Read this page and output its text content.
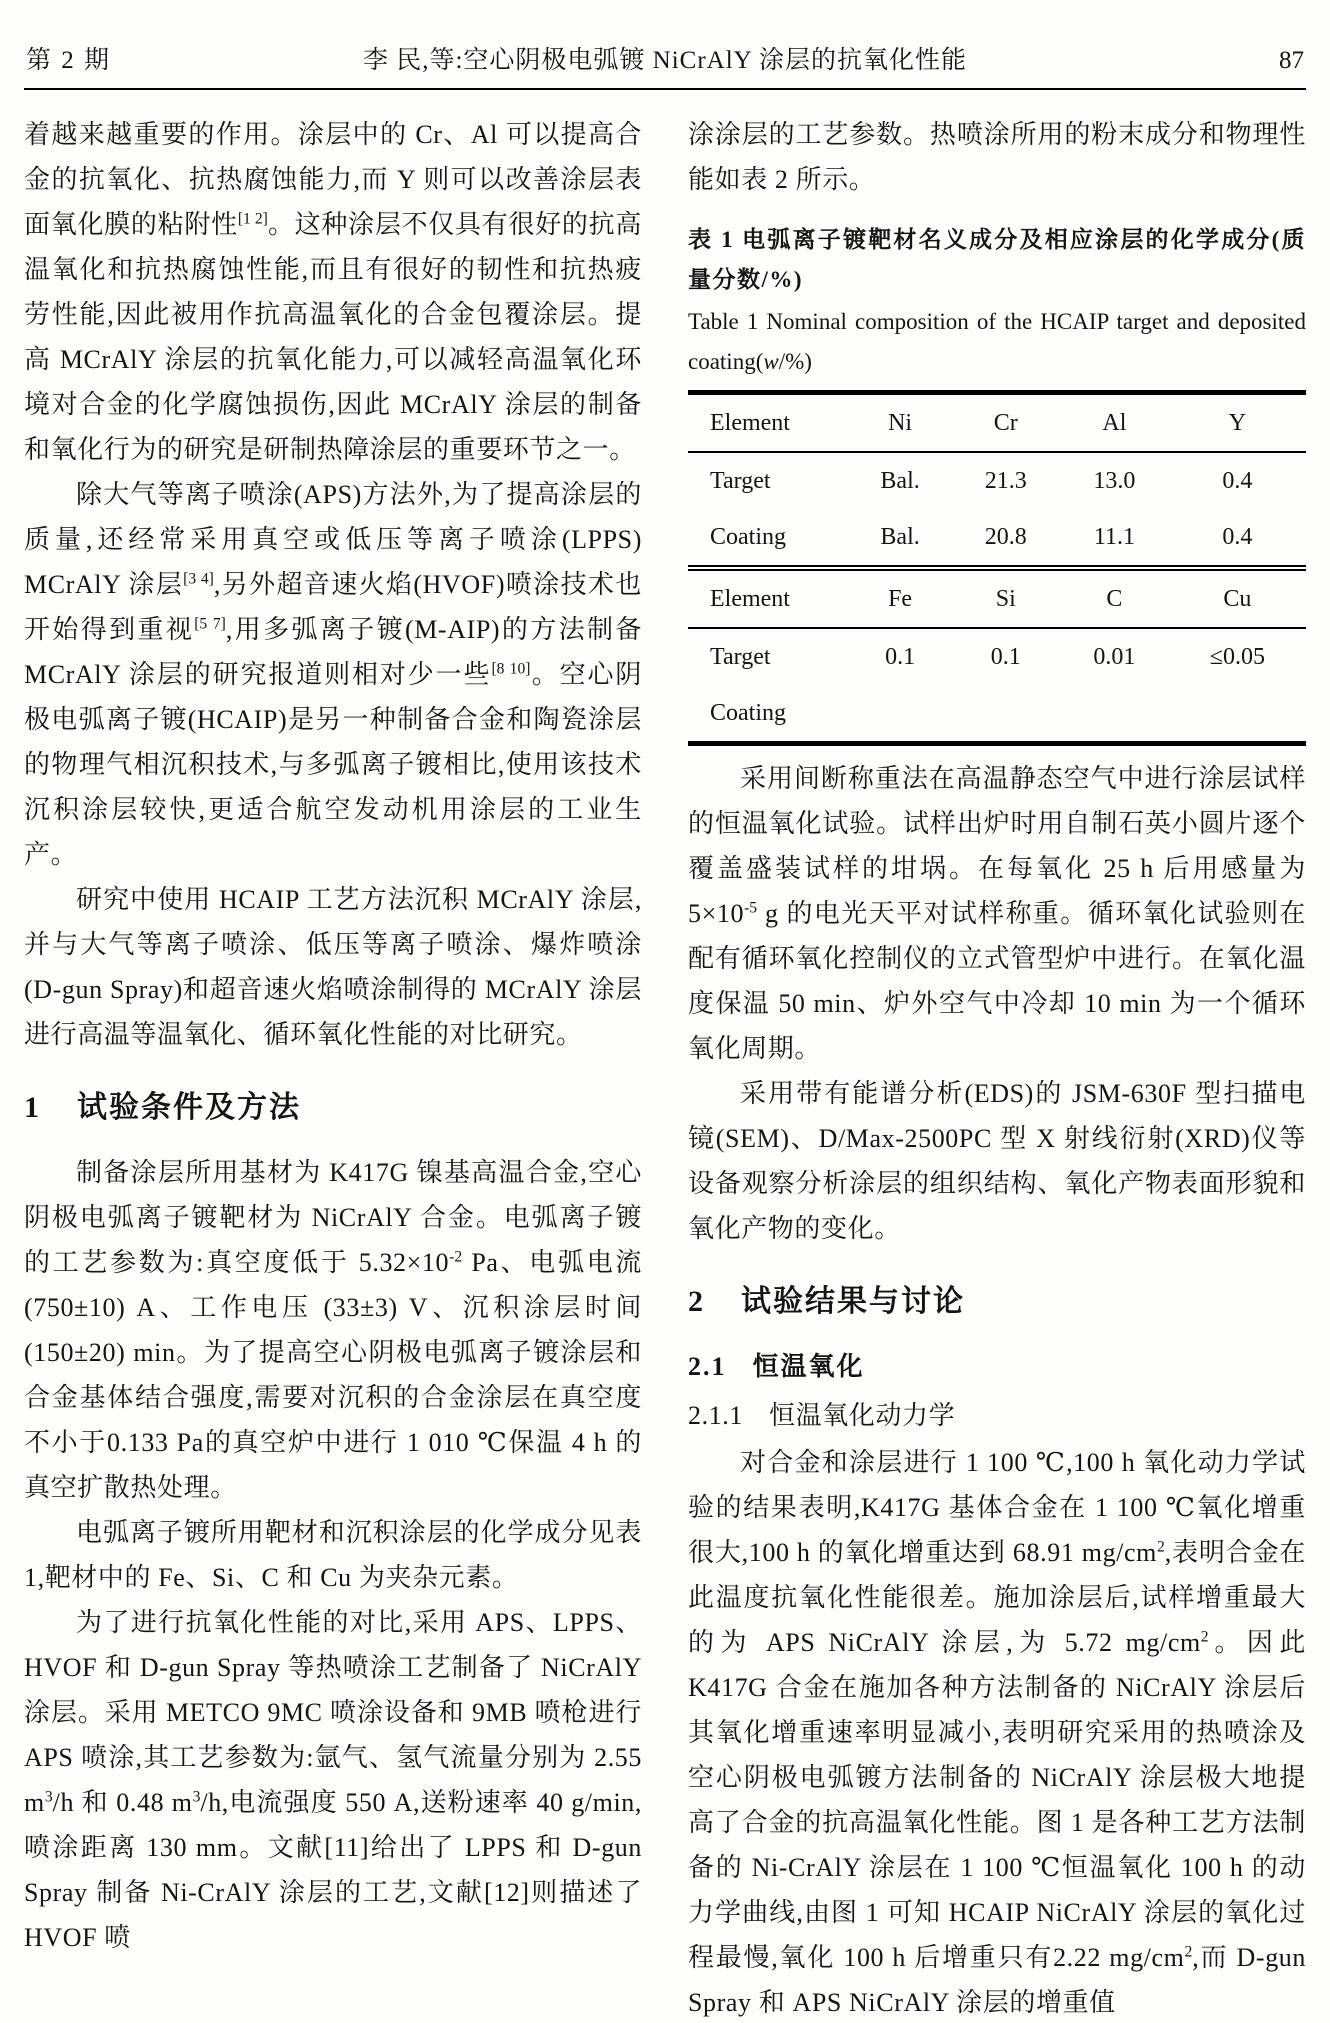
第 2 期	李 民,等:空心阴极电弧镀 NiCrAlY 涂层的抗氧化性能	87

着越来越重要的作用。涂层中的 Cr、Al 可以提高合金的抗氧化、抗热腐蚀能力,而 Y 则可以改善涂层表面氧化膜的粘附性[1 2]。这种涂层不仅具有很好的抗高温氧化和抗热腐蚀性能,而且有很好的韧性和抗热疲劳性能,因此被用作抗高温氧化的合金包覆涂层。提高 MCrAlY 涂层的抗氧化能力,可以减轻高温氧化环境对合金的化学腐蚀损伤,因此 MCrAlY 涂层的制备和氧化行为的研究是研制热障涂层的重要环节之一。

除大气等离子喷涂(APS)方法外,为了提高涂层的质量,还经常采用真空或低压等离子喷涂(LPPS) MCrAlY 涂层[3 4],另外超音速火焰(HVOF)喷涂技术也开始得到重视[5 7],用多弧离子镀(M-AIP)的方法制备 MCrAlY 涂层的研究报道则相对少一些[8 10]。空心阴极电弧离子镀(HCAIP)是另一种制备合金和陶瓷涂层的物理气相沉积技术,与多弧离子镀相比,使用该技术沉积涂层较快,更适合航空发动机用涂层的工业生产。

研究中使用 HCAIP 工艺方法沉积 MCrAlY 涂层,并与大气等离子喷涂、低压等离子喷涂、爆炸喷涂(D-gun Spray)和超音速火焰喷涂制得的 MCrAlY 涂层进行高温等温氧化、循环氧化性能的对比研究。

1 试验条件及方法

制备涂层所用基材为 K417G 镍基高温合金,空心阴极电弧离子镀靶材为 NiCrAlY 合金。电弧离子镀的工艺参数为:真空度低于 $5.32\times 10^{-2}$ Pa、电弧电流 (750±10) A、工作电压 (33±3) V、沉积涂层时间 (150±20) min。为了提高空心阴极电弧离子镀涂层和合金基体结合强度,需要对沉积的合金涂层在真空度不小于0.133 Pa的真空炉中进行 1 010 ℃保温 4 h 的真空扩散热处理。

电弧离子镀所用靶材和沉积涂层的化学成分见表 1,靶材中的 Fe、Si、C 和 Cu 为夹杂元素。

为了进行抗氧化性能的对比,采用 APS、LPPS、HVOF 和 D-gun Spray 等热喷涂工艺制备了 NiCrAlY 涂层。采用 METCO 9MC 喷涂设备和 9MB 喷枪进行 APS 喷涂,其工艺参数为:氩气、氢气流量分别为 2.55 $m^3/h$ 和 0.48 $m^3/h$,电流强度 550 A,送粉速率 40 g/min,喷涂距离 130 mm。文献[11]给出了 LPPS 和 D-gun Spray 制备 Ni-CrAlY 涂层的工艺,文献[12]则描述了 HVOF 喷

涂涂层的工艺参数。热喷涂所用的粉末成分和物理性能如表 2 所示。

表 1 电弧离子镀靶材名义成分及相应涂层的化学成分(质量分数/%)
Table 1 Nominal composition of the HCAIP target and deposited coating(w/%)
Element	Ni	Cr	Al	Y
Target	Bal.	21.3	13.0	0.4
Coating	Bal.	20.8	11.1	0.4
Element	Fe	Si	C	Cu
Target	0.1	0.1	0.01	≤0.05
Coating				

采用间断称重法在高温静态空气中进行涂层试样的恒温氧化试验。试样出炉时用自制石英小圆片逐个覆盖盛装试样的坩埚。在每氧化 25 h 后用感量为 $5\times 10^{-5}$ g 的电光天平对试样称重。循环氧化试验则在配有循环氧化控制仪的立式管型炉中进行。在氧化温度保温 50 min、炉外空气中冷却 10 min 为一个循环氧化周期。

采用带有能谱分析(EDS)的 JSM-630F 型扫描电镜(SEM)、D/Max-2500PC 型 X 射线衍射(XRD)仪等设备观察分析涂层的组织结构、氧化产物表面形貌和氧化产物的变化。

2 试验结果与讨论
2.1 恒温氧化
2.1.1 恒温氧化动力学

对合金和涂层进行 1 100 ℃,100 h 氧化动力学试验的结果表明,K417G 基体合金在 1 100 ℃氧化增重很大,100 h 的氧化增重达到 68.91 $mg/cm^2$,表明合金在此温度抗氧化性能很差。施加涂层后,试样增重最大的为 APS NiCrAlY 涂层,为 5.72 $mg/cm^2$。因此 K417G 合金在施加各种方法制备的 NiCrAlY 涂层后其氧化增重速率明显减小,表明研究采用的热喷涂及空心阴极电弧镀方法制备的 NiCrAlY 涂层极大地提高了合金的抗高温氧化性能。图 1 是各种工艺方法制备的 Ni-CrAlY 涂层在 1 100 ℃恒温氧化 100 h 的动力学曲线,由图 1 可知 HCAIP NiCrAlY 涂层的氧化过程最慢,氧化 100 h 后增重只有2.22 $mg/cm^2$,而 D-gun Spray 和 APS NiCrAlY 涂层的增重值
